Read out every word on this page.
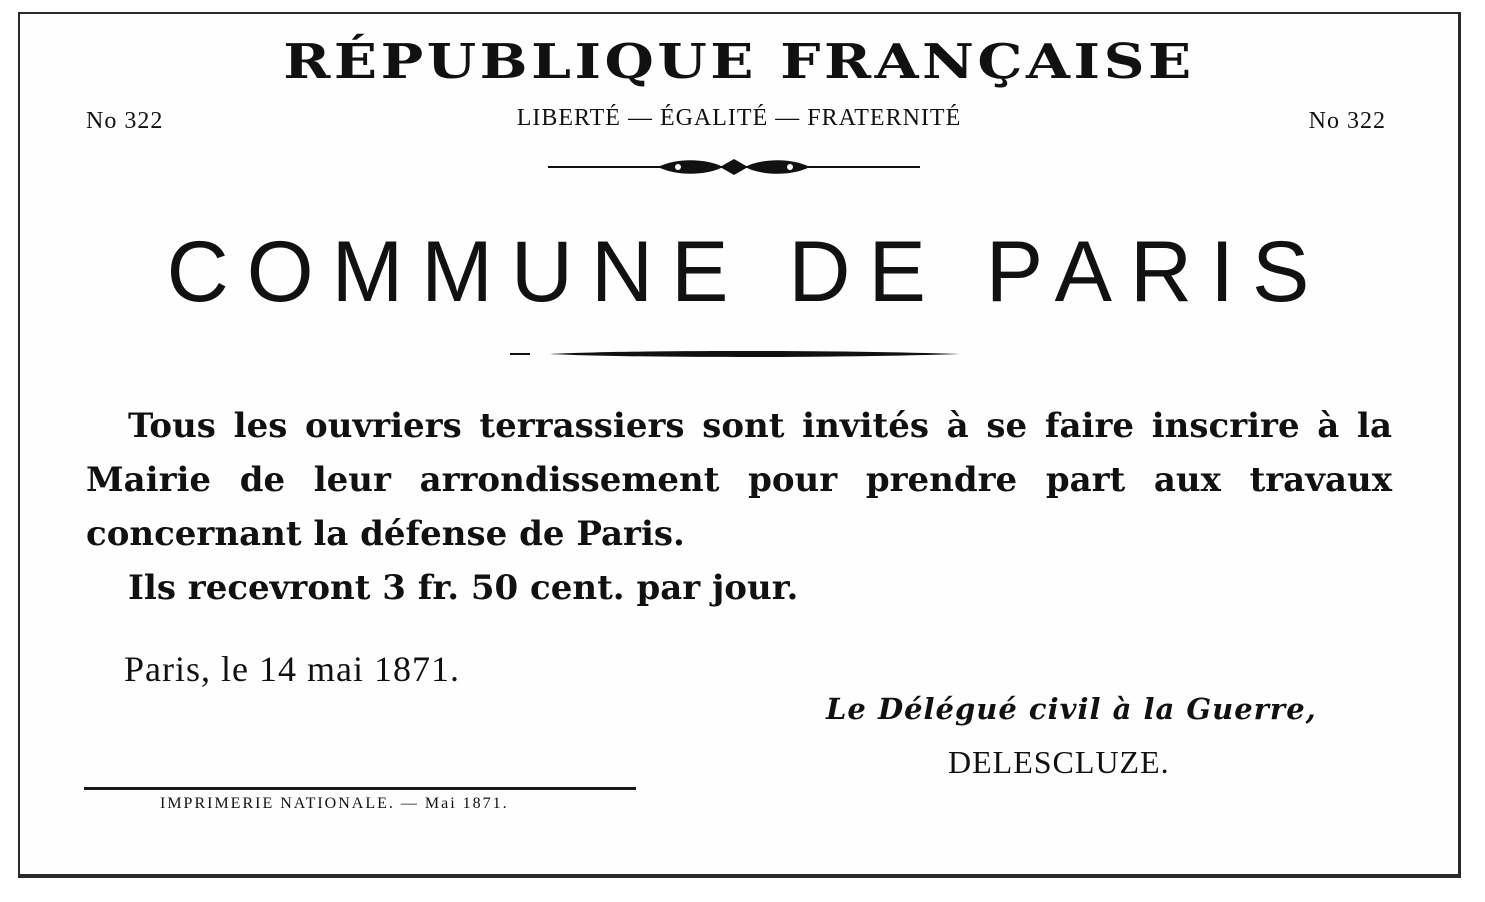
RÉPUBLIQUE FRANÇAISE
No 322	LIBERTÉ — ÉGALITÉ — FRATERNITÉ	No 322
COMMUNE DE PARIS

Tous les ouvriers terrassiers sont invités à se faire inscrire à la Mairie de leur arrondissement pour prendre part aux travaux concernant la défense de Paris.

Ils recevront 3 fr. 50 cent. par jour.

Paris, le 14 mai 1871.
Le Délégué civil à la Guerre,
DELESCLUZE.
IMPRIMERIE NATIONALE. — Mai 1871.
